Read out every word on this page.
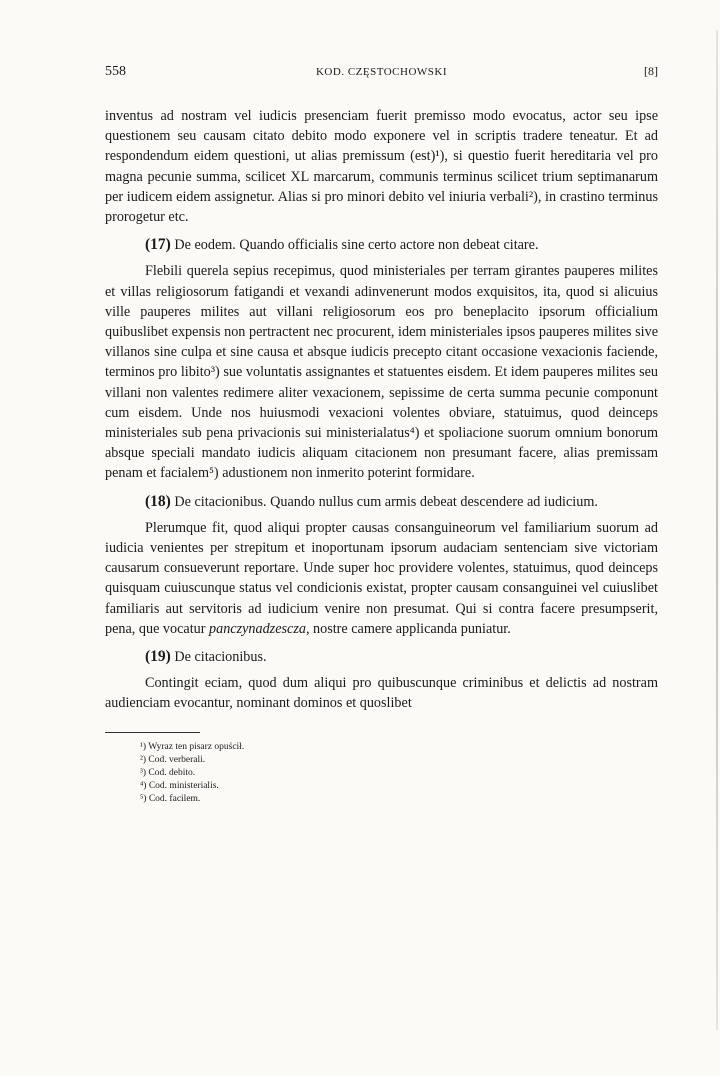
558	KOD. CZĘSTOCHOWSKI	[8]

inventus ad nostram vel iudicis presenciam fuerit premisso modo evocatus, actor seu ipse questionem seu causam citato debito modo exponere vel in scriptis tradere teneatur. Et ad respondendum eidem questioni, ut alias premissum (est)¹), si questio fuerit hereditaria vel pro magna pecunie summa, scilicet XL marcarum, communis terminus scilicet trium septimanarum per iudicem eidem assignetur. Alias si pro minori debito vel iniuria verbali²), in crastino terminus prorogetur etc.

(17) De eodem. Quando officialis sine certo actore non debeat citare.

Flebili querela sepius recepimus, quod ministeriales per terram girantes pauperes milites et villas religiosorum fatigandi et vexandi adinvenerunt modos exquisitos, ita, quod si alicuius ville pauperes milites aut villani religiosorum eos pro beneplacito ipsorum officialium quibuslibet expensis non pertractent nec procurent, idem ministeriales ipsos pauperes milites sive villanos sine culpa et sine causa et absque iudicis precepto citant occasione vexacionis faciende, terminos pro libito³) sue voluntatis assignantes et statuentes eisdem. Et idem pauperes milites seu villani non valentes redimere aliter vexacionem, sepissime de certa summa pecunie componunt cum eisdem. Unde nos huiusmodi vexacioni volentes obviare, statuimus, quod deinceps ministeriales sub pena privacionis sui ministerialatus⁴) et spoliacione suorum omnium bonorum absque speciali mandato iudicis aliquam citacionem non presumant facere, alias premissam penam et facialem⁵) adustionem non inmerito poterint formidare.

(18) De citacionibus. Quando nullus cum armis debeat descendere ad iudicium.

Plerumque fit, quod aliqui propter causas consanguineorum vel familiarium suorum ad iudicia venientes per strepitum et inoportunam ipsorum audaciam sentenciam sive victoriam causarum consueverunt reportare. Unde super hoc providere volentes, statuimus, quod deinceps quisquam cuiuscunque status vel condicionis existat, propter causam consanguinei vel cuiuslibet familiaris aut servitoris ad iudicium venire non presumat. Qui si contra facere presumpserit, pena, que vocatur panczynadzescza, nostre camere applicanda puniatur.

(19) De citacionibus.

Contingit eciam, quod dum aliqui pro quibuscunque criminibus et delictis ad nostram audienciam evocantur, nominant dominos et quoslibet

¹) Wyraz ten pisarz opuścił.
²) Cod. verberali.
³) Cod. debito.
⁴) Cod. ministerialis.
⁵) Cod. facilem.
